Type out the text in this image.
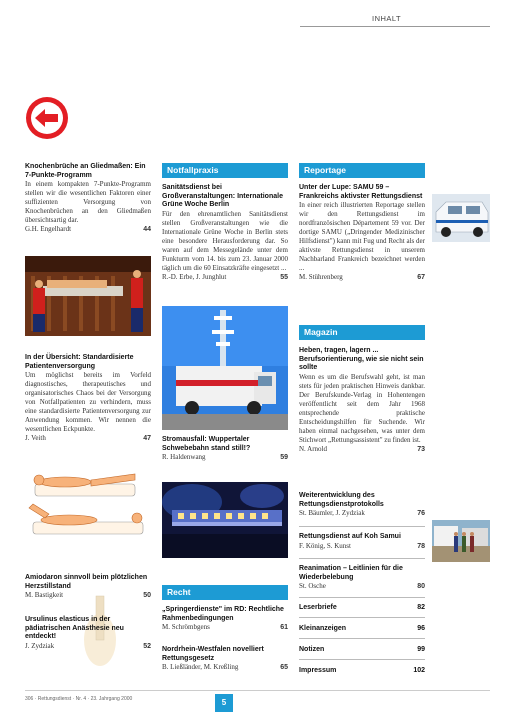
INHALT
Knochenbrüche an Gliedmaßen: Ein 7-Punkte-Programm
In einem kompakten 7-Punkte-Programm stellen wir die wesentlichen Faktoren einer suffizienten Versorgung von Knochenbrüchen an den Gliedmaßen übersichtsartig dar.
G.H. Engelhardt	44
In der Übersicht: Standardisierte Patientenversorgung
Um möglichst bereits im Vorfeld diagnostisches, therapeutisches und organisatorisches Chaos bei der Versorgung von Notfallpatienten zu verhindern, muss eine standardisierte Patientenversorgung zur Anwendung kommen. Wir nennen die wesentlichen Eckpunkte.
J. Veith	47
Amiodaron sinnvoll beim plötzlichen Herzstillstand
M. Bastigkeit	50
Ursulinus elasticus in der pädiatrischen Anästhesie neu entdeckt!
J. Zydziak	52
Notfallpraxis
Sanitätsdienst bei Großveranstaltungen: Internationale Grüne Woche Berlin
Für den ehrenamtlichen Sanitätsdienst stellen Großveranstaltungen wie die Internationale Grüne Woche in Berlin stets eine besondere Herausforderung dar. So waren auf dem Messegelände unter dem Funkturm vom 14. bis zum 23. Januar 2000 täglich um die 60 Einsatzkräfte eingesetzt ...
R.-D. Erbe, J. Junghlut	55
Stromausfall: Wuppertaler Schwebebahn stand still!?
R. Haldenwang	59
Recht
„Springerdienste" im RD: Rechtliche Rahmenbedingungen
M. Schrömbgens	61
Nordrhein-Westfalen novelliert Rettungsgesetz
B. Ließländer, M. Kreßling	65
Reportage
Unter der Lupe: SAMU 59 – Frankreichs aktivster Rettungsdienst
In einer reich illustrierten Reportage stellen wir den Rettungsdienst im nordfranzösischen Département 59 vor. Der dortige SAMU („Dringender Medizinischer Hilfsdienst") kann mit Fug und Recht als der aktivste Rettungsdienst in unserem Nachbarland Frankreich bezeichnet werden ...
M. Stührenberg	67
Magazin
Heben, tragen, lagern ... Berufsorientierung, wie sie nicht sein sollte
Wenn es um die Berufswahl geht, ist man stets für jeden praktischen Hinweis dankbar. Der Berufskunde-Verlag in Hohentengen veröffentlicht seit dem Jahr 1968 entsprechende praktische Entscheidungshilfen für Suchende. Wir haben einmal nachgesehen, was unter dem Stichwort „Rettungsassistent" zu finden ist.
N. Arnold	73
Weiterentwicklung des Rettungsdienstprotokolls
St. Bäumler, J. Zydziak	76
Rettungsdienst auf Koh Samui
F. König, S. Kunst	78
Reanimation – Leitlinien für die Wiederbelebung
St. Osche	80
Leserbriefe	82
Kleinanzeigen	96
Notizen	99
Impressum	102
306 · Rettungsdienst · Nr. 4 · 23. Jahrgang 2000	5
